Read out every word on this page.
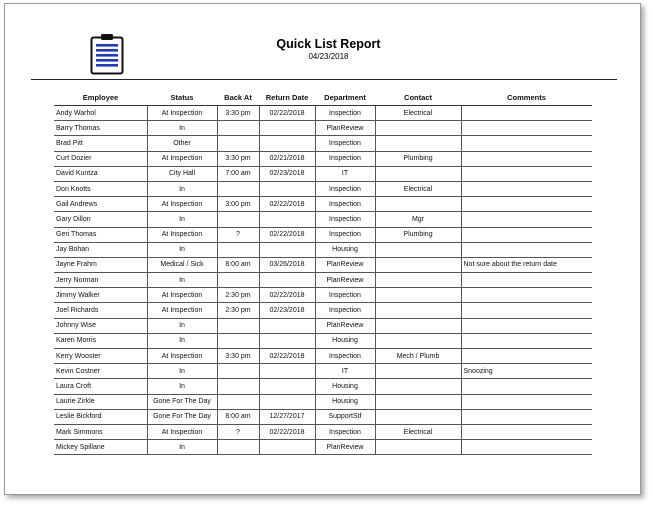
Quick List Report
04/23/2018
Employee	Status	Back At	Return Date	Department	Contact	Comments
Andy Warhol	At Inspection	3:30 pm	02/22/2018	Inspection	Electrical	
Barry Thomas	In			PlanReview		
Brad Pitt	Other			Inspection		
Curt Dozier	At Inspection	3:30 pm	02/21/2018	Inspection	Plumbing	
David Kuntza	City Hall	7:00 am	02/23/2018	IT		
Don Knotts	In			Inspection	Electrical	
Gail Andrews	At Inspection	3:00 pm	02/22/2018	Inspection		
Gary Dillon	In			Inspection	Mgr	
Geri Thomas	At Inspection	?	02/22/2018	Inspection	Plumbing	
Jay Bohan	In			Housing		
Jayne Frahm	Medical / Sick	8:00 am	03/26/2018	PlanReview		Not sure about the return date
Jerry Norman	In			PlanReview		
Jimmy Walker	At Inspection	2:30 pm	02/22/2018	Inspection		
Joel Richards	At Inspection	2:30 pm	02/23/2018	Inspection		
Johnny Wise	In			PlanReview		
Karen Morris	In			Housing		
Kerry Wooster	At Inspection	3:30 pm	02/22/2018	Inspection	Mech / Plumb	
Kevin Costner	In			IT		Snoozing
Laura Croft	In			Housing		
Laurie Zirkle	Gone For The Day			Housing		
Leslie Bickford	Gone For The Day	8:00 am	12/27/2017	SupportStf		
Mark Simmons	At Inspection	?	02/22/2018	Inspection	Electrical	
Mickey Spillane	In			PlanReview		
